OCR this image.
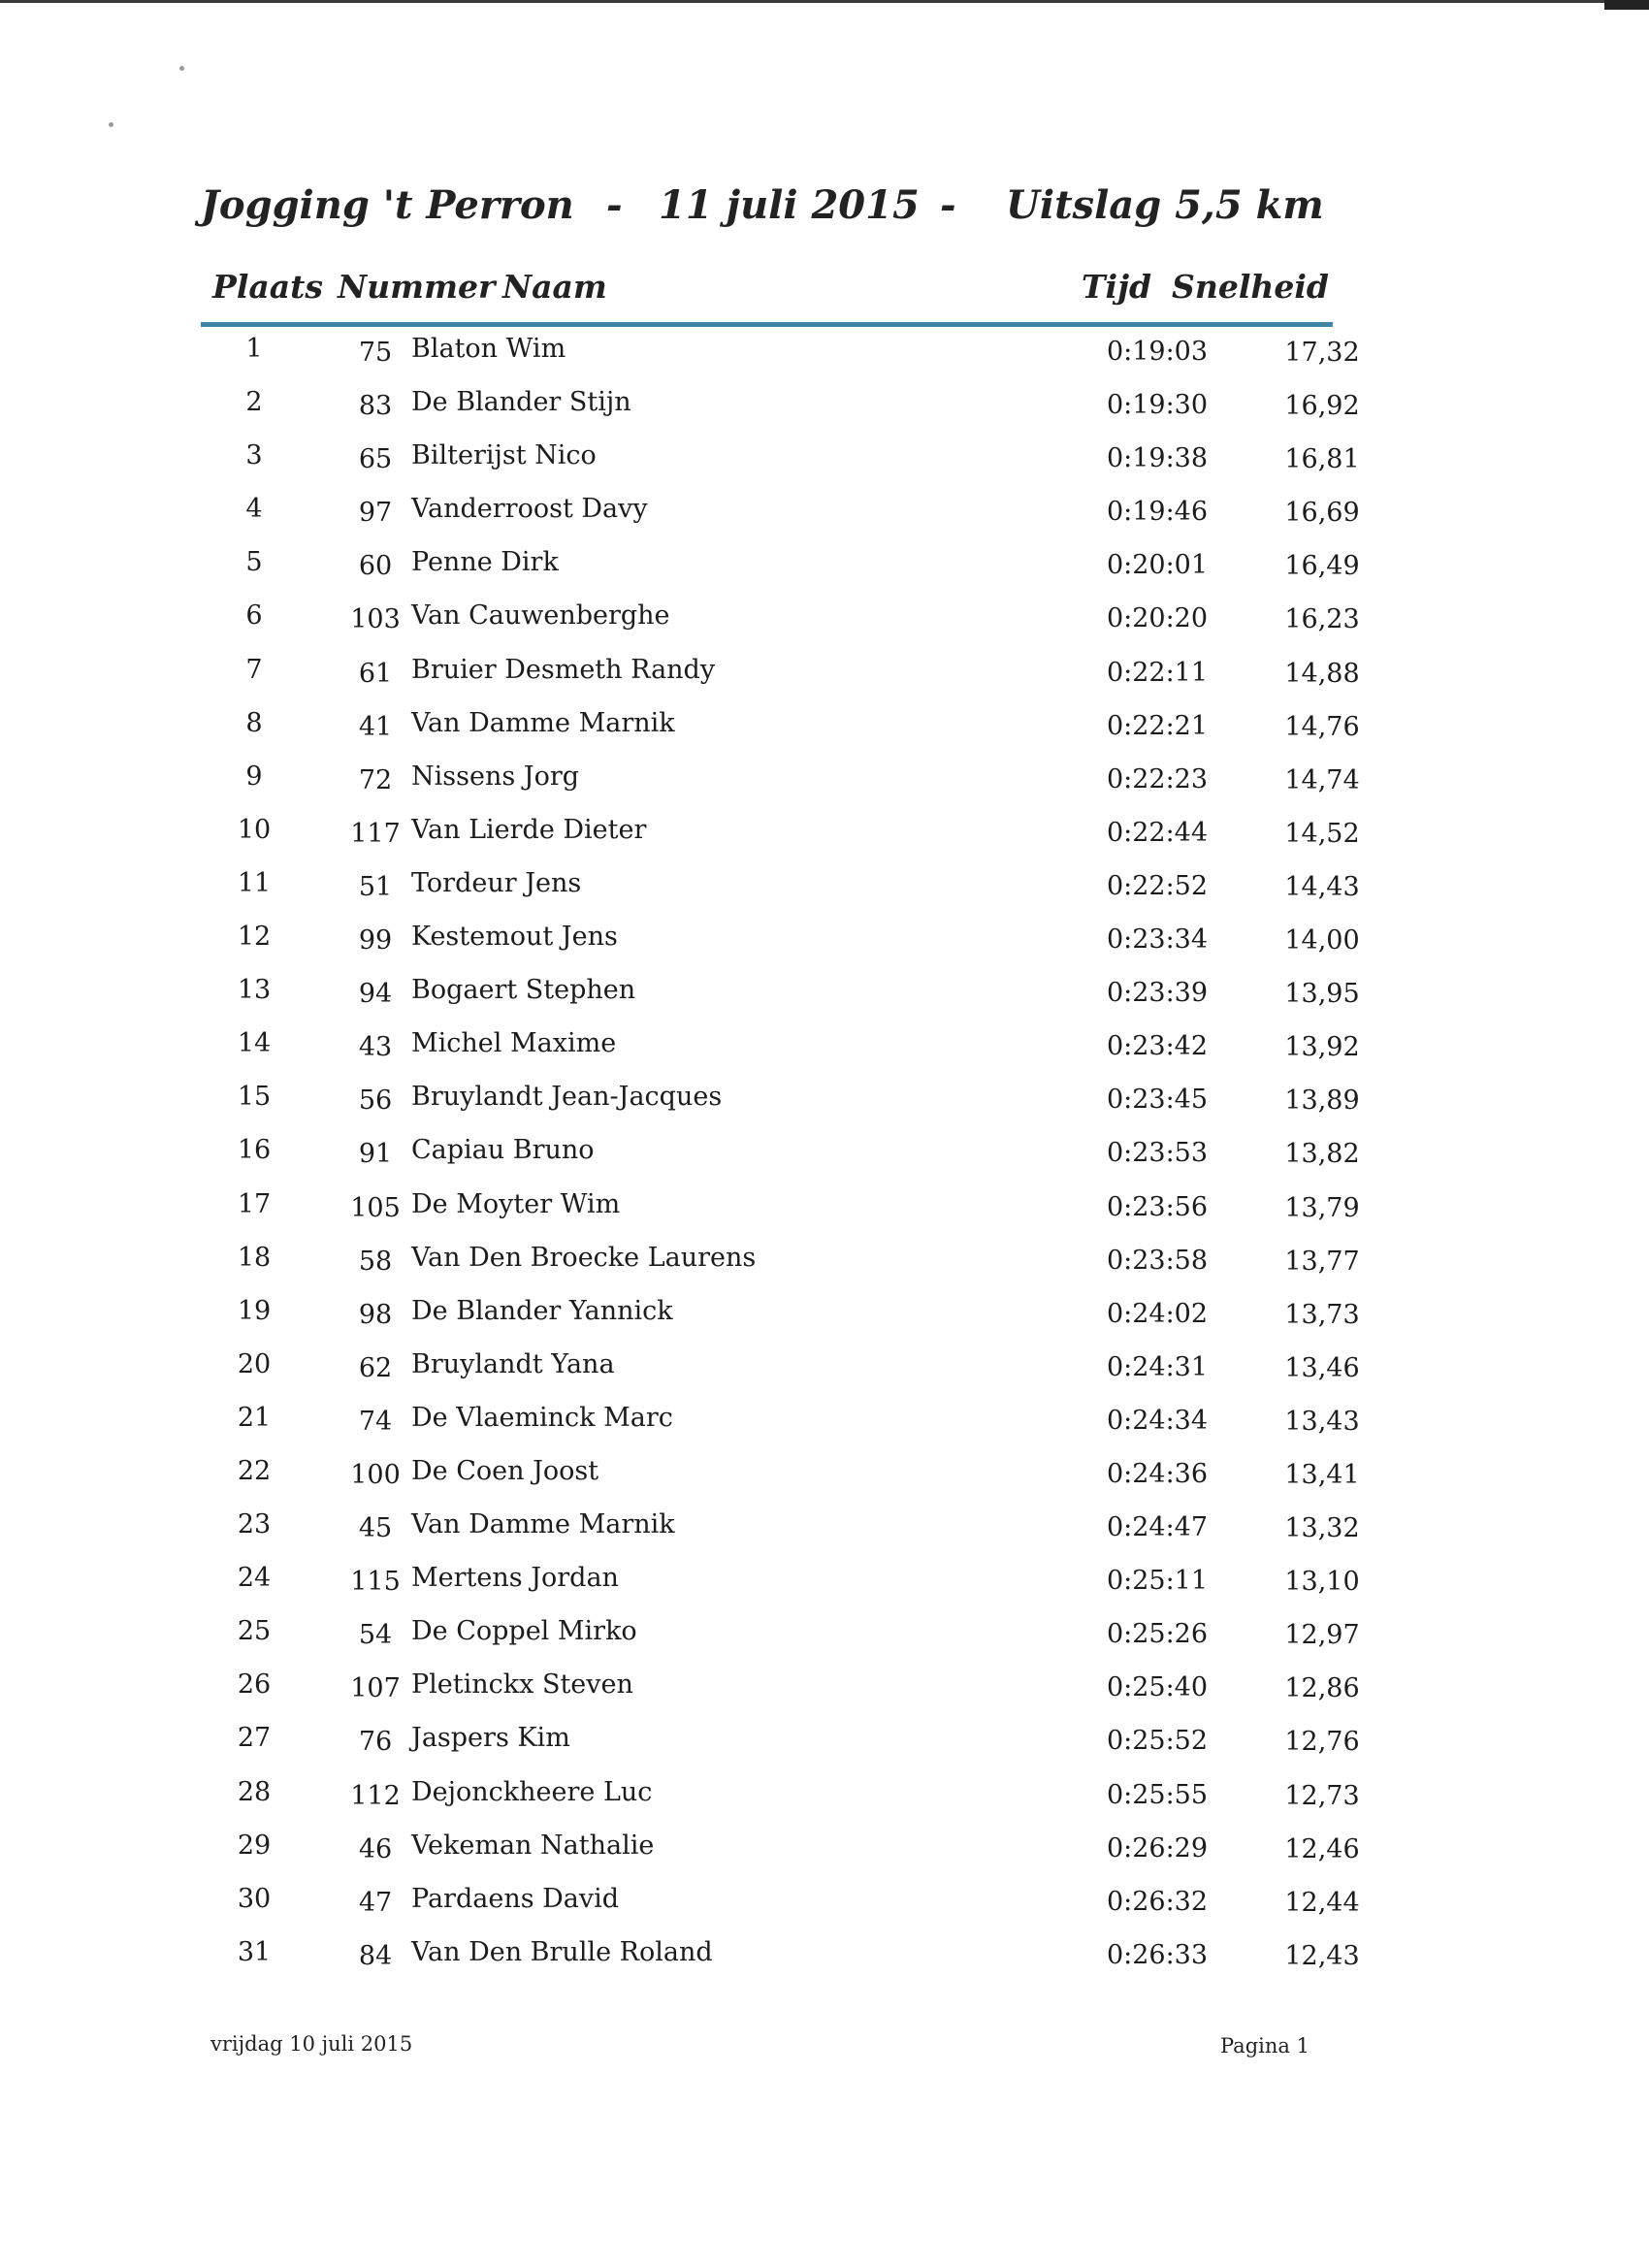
Jogging 't Perron - 11 juli 2015 - Uitslag 5,5 km
Plaats Nummer Naam	Tijd Snelheid
1	75 Blaton Wim	0:19:03	17,32
2	83 De Blander Stijn	0:19:30	16,92
3	65 Bilterijst Nico	0:19:38	16,81
4	97 Vanderroost Davy	0:19:46	16,69
5	60 Penne Dirk	0:20:01	16,49
6	103 Van Cauwenberghe	0:20:20	16,23
7	61 Bruier Desmeth Randy	0:22:11	14,88
8	41 Van Damme Marnik	0:22:21	14,76
9	72 Nissens Jorg	0:22:23	14,74
10	117 Van Lierde Dieter	0:22:44	14,52
11	51 Tordeur Jens	0:22:52	14,43
12	99 Kestemout Jens	0:23:34	14,00
13	94 Bogaert Stephen	0:23:39	13,95
14	43 Michel Maxime	0:23:42	13,92
15	56 Bruylandt Jean-Jacques	0:23:45	13,89
16	91 Capiau Bruno	0:23:53	13,82
17	105 De Moyter Wim	0:23:56	13,79
18	58 Van Den Broecke Laurens	0:23:58	13,77
19	98 De Blander Yannick	0:24:02	13,73
20	62 Bruylandt Yana	0:24:31	13,46
21	74 De Vlaeminck Marc	0:24:34	13,43
22	100 De Coen Joost	0:24:36	13,41
23	45 Van Damme Marnik	0:24:47	13,32
24	115 Mertens Jordan	0:25:11	13,10
25	54 De Coppel Mirko	0:25:26	12,97
26	107 Pletinckx Steven	0:25:40	12,86
27	76 Jaspers Kim	0:25:52	12,76
28	112 Dejonckheere Luc	0:25:55	12,73
29	46 Vekeman Nathalie	0:26:29	12,46
30	47 Pardaens David	0:26:32	12,44
31	84 Van Den Brulle Roland	0:26:33	12,43
vrijdag 10 juli 2015	Pagina 1
